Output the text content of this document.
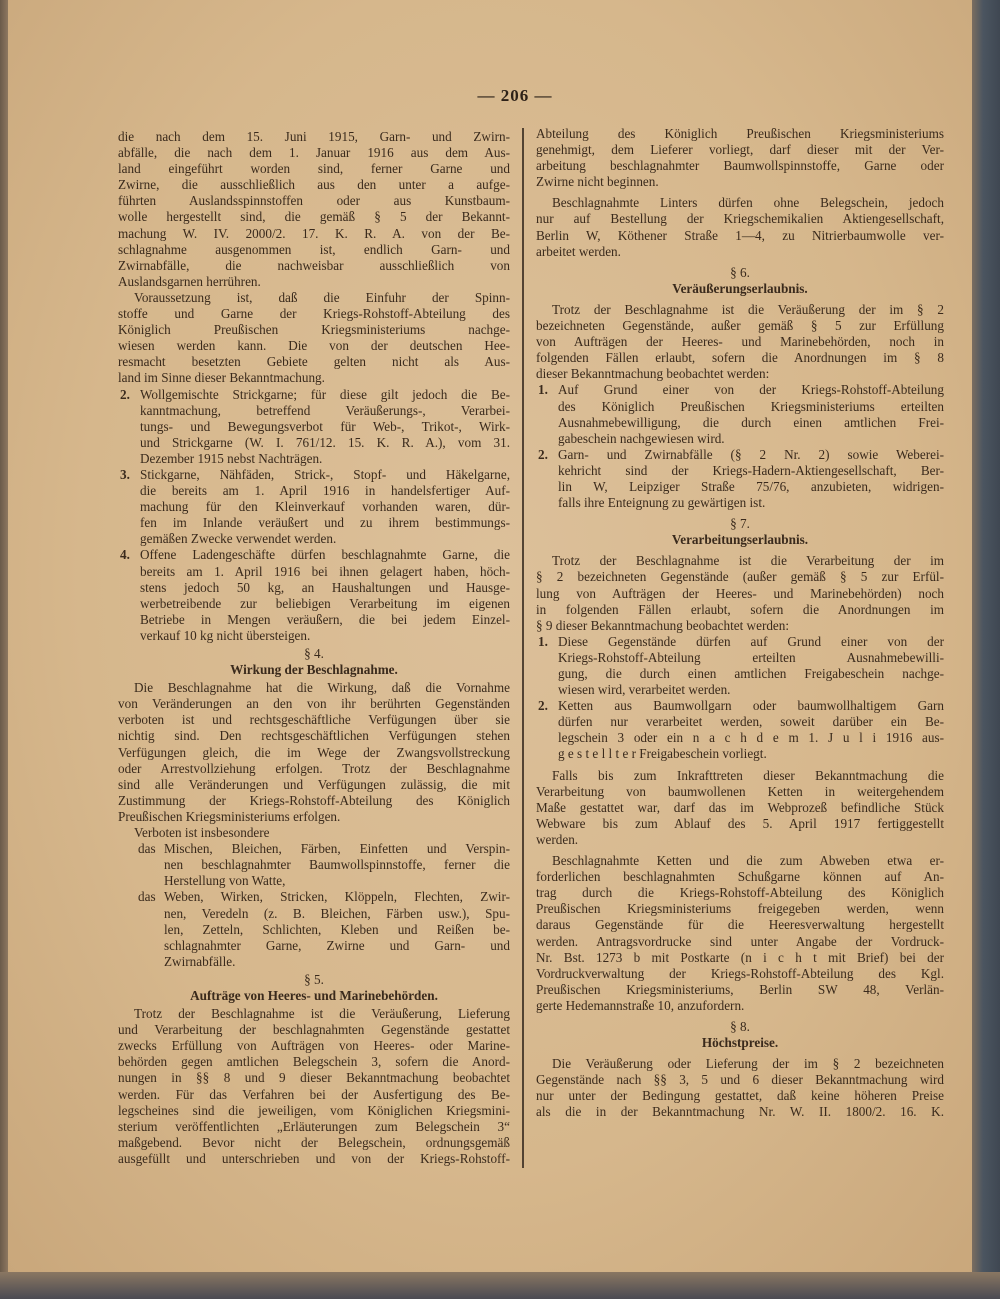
— 206 —
die nach dem 15. Juni 1915, Garn- und Zwirn-
abfälle, die nach dem 1. Januar 1916 aus dem Aus-
land eingeführt worden sind, ferner Garne und
Zwirne, die ausschließlich aus den unter a aufge-
führten Auslandsspinnstoffen oder aus Kunstbaum-
wolle hergestellt sind, die gemäß § 5 der Bekannt-
machung W. IV. 2000/2. 17. K. R. A. von der Be-
schlagnahme ausgenommen ist, endlich Garn- und
Zwirnabfälle, die nachweisbar ausschließlich von
Auslandsgarnen herrühren.
Voraussetzung ist, daß die Einfuhr der Spinn-
stoffe und Garne der Kriegs-Rohstoff-Abteilung des
Königlich Preußischen Kriegsministeriums nachge-
wiesen werden kann. Die von der deutschen Hee-
resmacht besetzten Gebiete gelten nicht als Aus-
land im Sinne dieser Bekanntmachung.
2. Wollgemischte Strickgarne; für diese gilt jedoch die Be-
kanntmachung, betreffend Veräußerungs-, Verarbei-
tungs- und Bewegungsverbot für Web-, Trikot-, Wirk-
und Strickgarne (W. I. 761/12. 15. K. R. A.), vom 31.
Dezember 1915 nebst Nachträgen.
3. Stickgarne, Nähfäden, Strick-, Stopf- und Häkelgarne,
die bereits am 1. April 1916 in handelsfertiger Auf-
machung für den Kleinverkauf vorhanden waren, dür-
fen im Inlande veräußert und zu ihrem bestimmungs-
gemäßen Zwecke verwendet werden.
4. Offene Ladengeschäfte dürfen beschlagnahmte Garne, die
bereits am 1. April 1916 bei ihnen gelagert haben, höch-
stens jedoch 50 kg, an Haushaltungen und Hausge-
werbetreibende zur beliebigen Verarbeitung im eigenen
Betriebe in Mengen veräußern, die bei jedem Einzel-
verkauf 10 kg nicht übersteigen.
§ 4.
Wirkung der Beschlagnahme.
Die Beschlagnahme hat die Wirkung, daß die Vornahme
von Veränderungen an den von ihr berührten Gegenständen
verboten ist und rechtsgeschäftliche Verfügungen über sie
nichtig sind. Den rechtsgeschäftlichen Verfügungen stehen
Verfügungen gleich, die im Wege der Zwangsvollstreckung
oder Arrestvollziehung erfolgen. Trotz der Beschlagnahme
sind alle Veränderungen und Verfügungen zulässig, die mit
Zustimmung der Kriegs-Rohstoff-Abteilung des Königlich
Preußischen Kriegsministeriums erfolgen.
Verboten ist insbesondere
das Mischen, Bleichen, Färben, Einfetten und Verspin-
nen beschlagnahmter Baumwollspinnstoffe, ferner die
Herstellung von Watte,
das Weben, Wirken, Stricken, Klöppeln, Flechten, Zwir-
nen, Veredeln (z. B. Bleichen, Färben usw.), Spu-
len, Zetteln, Schlichten, Kleben und Reißen be-
schlagnahmter Garne, Zwirne und Garn- und
Zwirnabfälle.
§ 5.
Aufträge von Heeres- und Marinebehörden.
Trotz der Beschlagnahme ist die Veräußerung, Lieferung
und Verarbeitung der beschlagnahmten Gegenstände gestattet
zwecks Erfüllung von Aufträgen von Heeres- oder Marine-
behörden gegen amtlichen Belegschein 3, sofern die Anord-
nungen in §§ 8 und 9 dieser Bekanntmachung beobachtet
werden. Für das Verfahren bei der Ausfertigung des Be-
legscheines sind die jeweiligen, vom Königlichen Kriegsmini-
sterium veröffentlichten „Erläuterungen zum Belegschein 3“
maßgebend. Bevor nicht der Belegschein, ordnungsgemäß
ausgefüllt und unterschrieben und von der Kriegs-Rohstoff-
Abteilung des Königlich Preußischen Kriegsministeriums
genehmigt, dem Lieferer vorliegt, darf dieser mit der Ver-
arbeitung beschlagnahmter Baumwollspinnstoffe, Garne oder
Zwirne nicht beginnen.
Beschlagnahmte Linters dürfen ohne Belegschein, jedoch
nur auf Bestellung der Kriegschemikalien Aktiengesellschaft,
Berlin W, Köthener Straße 1—4, zu Nitrierbaumwolle ver-
arbeitet werden.
§ 6.
Veräußerungserlaubnis.
Trotz der Beschlagnahme ist die Veräußerung der im § 2
bezeichneten Gegenstände, außer gemäß § 5 zur Erfüllung
von Aufträgen der Heeres- und Marinebehörden, noch in
folgenden Fällen erlaubt, sofern die Anordnungen im § 8
dieser Bekanntmachung beobachtet werden:
1. Auf Grund einer von der Kriegs-Rohstoff-Abteilung
des Königlich Preußischen Kriegsministeriums erteilten
Ausnahmebewilligung, die durch einen amtlichen Frei-
gabeschein nachgewiesen wird.
2. Garn- und Zwirnabfälle (§ 2 Nr. 2) sowie Weberei-
kehricht sind der Kriegs-Hadern-Aktiengesellschaft, Ber-
lin W, Leipziger Straße 75/76, anzubieten, widrigen-
falls ihre Enteignung zu gewärtigen ist.
§ 7.
Verarbeitungserlaubnis.
Trotz der Beschlagnahme ist die Verarbeitung der im
§ 2 bezeichneten Gegenstände (außer gemäß § 5 zur Erfül-
lung von Aufträgen der Heeres- und Marinebehörden) noch
in folgenden Fällen erlaubt, sofern die Anordnungen im
§ 9 dieser Bekanntmachung beobachtet werden:
1. Diese Gegenstände dürfen auf Grund einer von der
Kriegs-Rohstoff-Abteilung erteilten Ausnahmebewilli-
gung, die durch einen amtlichen Freigabeschein nachge-
wiesen wird, verarbeitet werden.
2. Ketten aus Baumwollgarn oder baumwollhaltigem Garn
dürfen nur verarbeitet werden, soweit darüber ein Be-
legschein 3 oder ein n a c h d e m 1. J u l i 1916 aus-
g e s t e l l t e r Freigabeschein vorliegt.
Falls bis zum Inkrafttreten dieser Bekanntmachung die
Verarbeitung von baumwollenen Ketten in weitergehendem
Maße gestattet war, darf das im Webprozeß befindliche Stück
Webware bis zum Ablauf des 5. April 1917 fertiggestellt
werden.
Beschlagnahmte Ketten und die zum Abweben etwa er-
forderlichen beschlagnahmten Schußgarne können auf An-
trag durch die Kriegs-Rohstoff-Abteilung des Königlich
Preußischen Kriegsministeriums freigegeben werden, wenn
daraus Gegenstände für die Heeresverwaltung hergestellt
werden. Antragsvordrucke sind unter Angabe der Vordruck-
Nr. Bst. 1273 b mit Postkarte (n i c h t mit Brief) bei der
Vordruckverwaltung der Kriegs-Rohstoff-Abteilung des Kgl.
Preußischen Kriegsministeriums, Berlin SW 48, Verlän-
gerte Hedemannstraße 10, anzufordern.
§ 8.
Höchstpreise.
Die Veräußerung oder Lieferung der im § 2 bezeichneten
Gegenstände nach §§ 3, 5 und 6 dieser Bekanntmachung wird
nur unter der Bedingung gestattet, daß keine höheren Preise
als die in der Bekanntmachung Nr. W. II. 1800/2. 16. K.
